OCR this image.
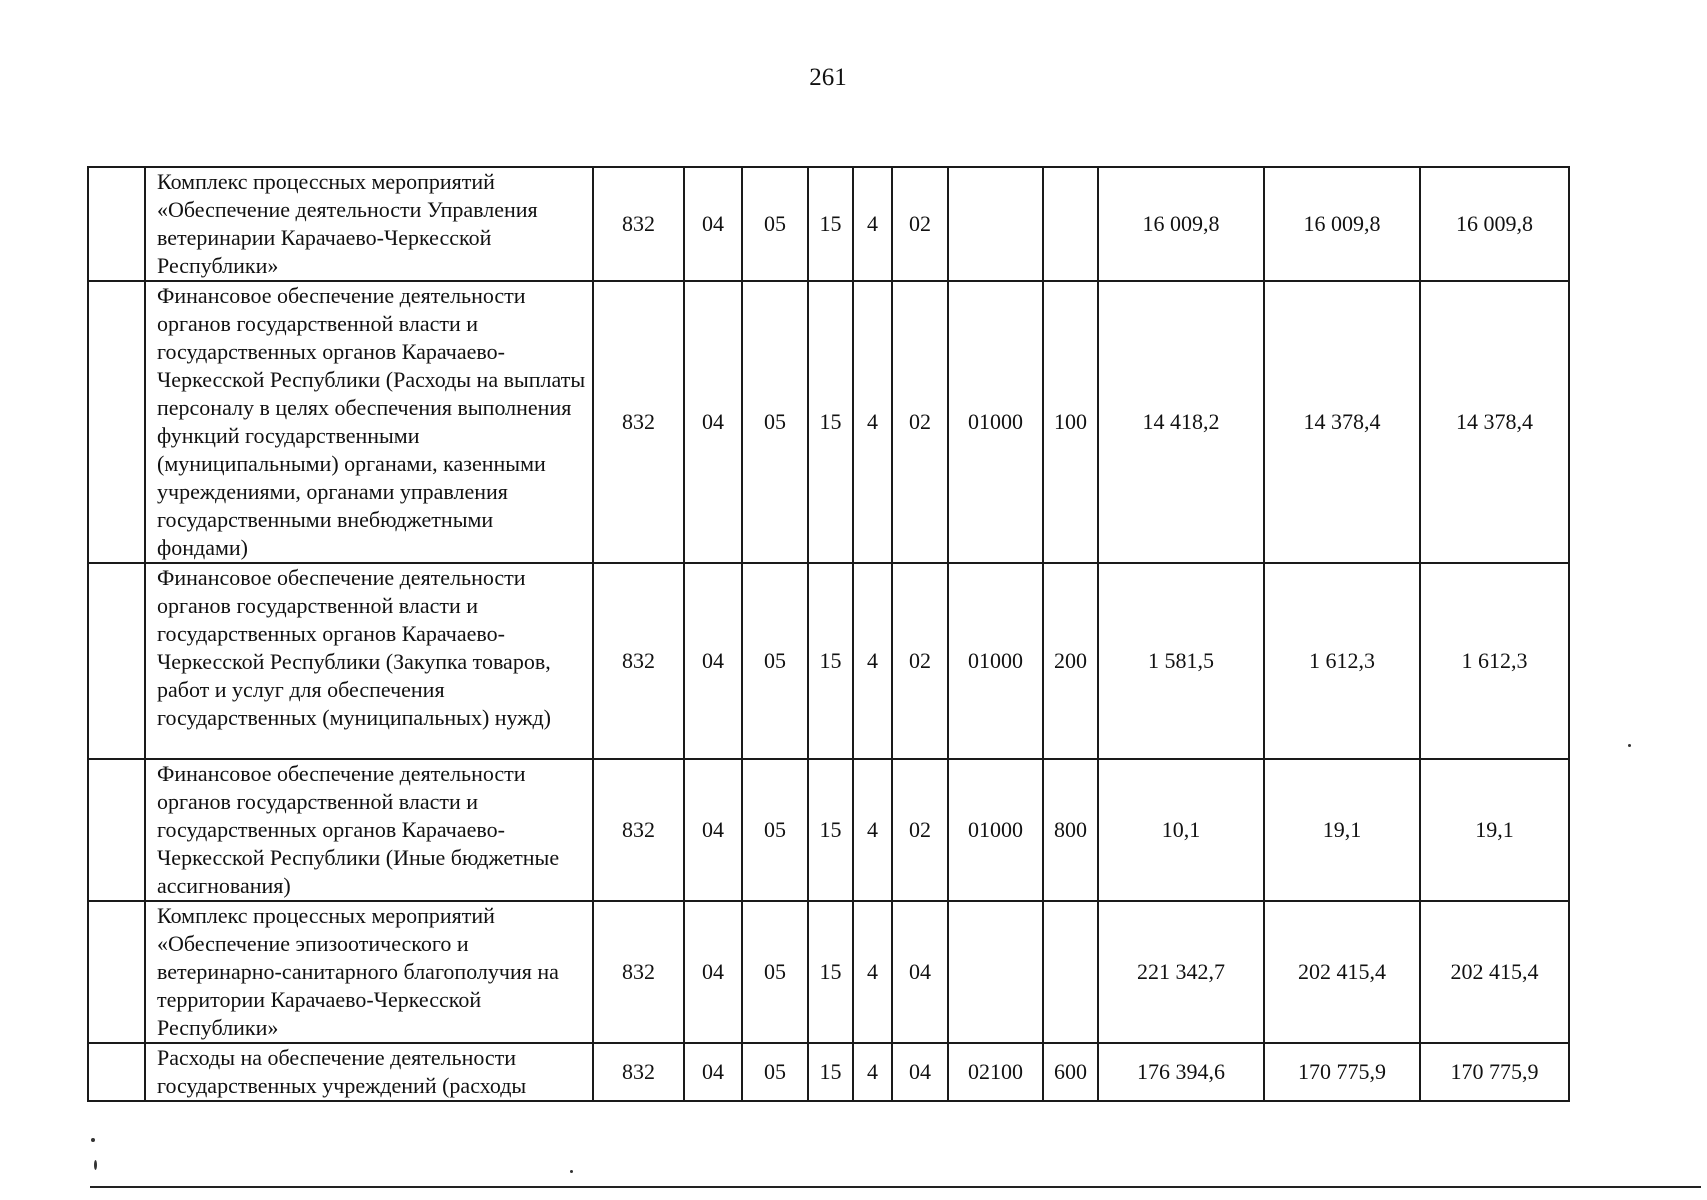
261
	Комплекс процессных мероприятий «Обеспечение деятельности Управления ветеринарии Карачаево-Черкесской Республики»	832	04	05	15	4	02			16 009,8	16 009,8	16 009,8
	Финансовое обеспечение деятельности органов государственной власти и государственных органов Карачаево-Черкесской Республики (Расходы на выплаты персоналу в целях обеспечения выполнения функций государственными (муниципальными) органами, казенными учреждениями, органами управления государственными внебюджетными фондами)	832	04	05	15	4	02	01000	100	14 418,2	14 378,4	14 378,4
	Финансовое обеспечение деятельности органов государственной власти и государственных органов Карачаево-Черкесской Республики (Закупка товаров, работ и услуг для обеспечения государственных (муниципальных) нужд)	832	04	05	15	4	02	01000	200	1 581,5	1 612,3	1 612,3
	Финансовое обеспечение деятельности органов государственной власти и государственных органов Карачаево-Черкесской Республики (Иные бюджетные ассигнования)	832	04	05	15	4	02	01000	800	10,1	19,1	19,1
	Комплекс процессных мероприятий «Обеспечение эпизоотического и ветеринарно-санитарного благополучия на территории Карачаево-Черкесской Республики»	832	04	05	15	4	04			221 342,7	202 415,4	202 415,4
	Расходы на обеспечение деятельности государственных учреждений (расходы	832	04	05	15	4	04	02100	600	176 394,6	170 775,9	170 775,9
